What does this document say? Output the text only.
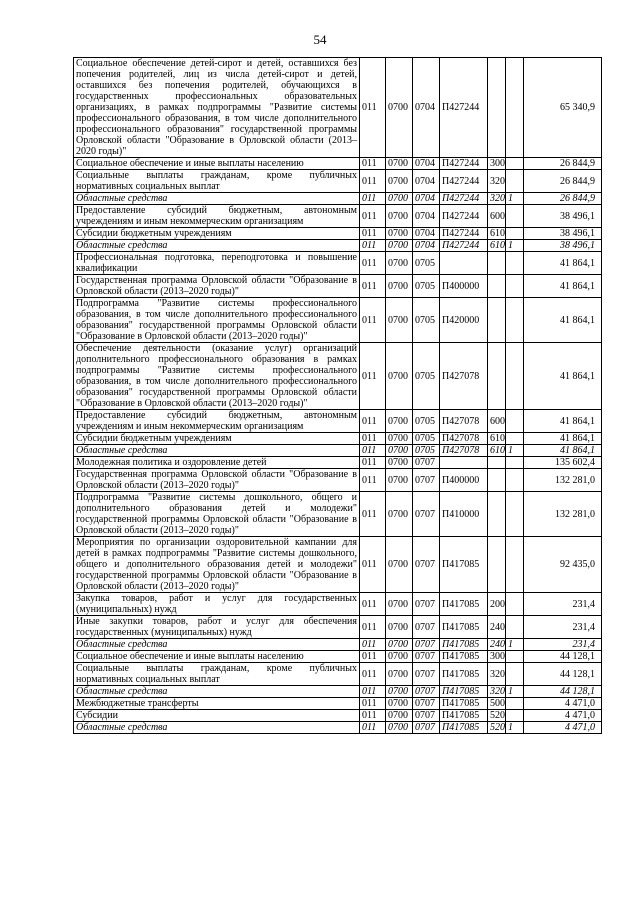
54
Социальное обеспечение детей-сирот и детей, оставшихся без попечения родителей, лиц из числа детей-сирот и детей, оставшихся без попечения родителей, обучающихся в государственных профессиональных образовательных организациях, в рамках подпрограммы "Развитие системы профессионального образования, в том числе дополнительного профессионального образования" государственной программы Орловской области "Образование в Орловской области (2013–2020 годы)"	011	0700	0704	П427244			65 340,9
Социальное обеспечение и иные выплаты населению	011	0700	0704	П427244	300		26 844,9
Социальные выплаты гражданам, кроме публичных нормативных социальных выплат	011	0700	0704	П427244	320		26 844,9
Областные средства	011	0700	0704	П427244	320	1	26 844,9
Предоставление субсидий бюджетным, автономным учреждениям и иным некоммерческим организациям	011	0700	0704	П427244	600		38 496,1
Субсидии бюджетным учреждениям	011	0700	0704	П427244	610		38 496,1
Областные средства	011	0700	0704	П427244	610	1	38 496,1
Профессиональная подготовка, переподготовка и повышение квалификации	011	0700	0705				41 864,1
Государственная программа Орловской области "Образование в Орловской области (2013–2020 годы)"	011	0700	0705	П400000			41 864,1
Подпрограмма "Развитие системы профессионального образования, в том числе дополнительного профессионального образования" государственной программы Орловской области "Образование в Орловской области (2013–2020 годы)"	011	0700	0705	П420000			41 864,1
Обеспечение деятельности (оказание услуг) организаций дополнительного профессионального образования в рамках подпрограммы "Развитие системы профессионального образования, в том числе дополнительного профессионального образования" государственной программы Орловской области "Образование в Орловской области (2013–2020 годы)"	011	0700	0705	П427078			41 864,1
Предоставление субсидий бюджетным, автономным учреждениям и иным некоммерческим организациям	011	0700	0705	П427078	600		41 864,1
Субсидии бюджетным учреждениям	011	0700	0705	П427078	610		41 864,1
Областные средства	011	0700	0705	П427078	610	1	41 864,1
Молодежная политика и оздоровление детей	011	0700	0707				135 602,4
Государственная программа Орловской области "Образование в Орловской области (2013–2020 годы)"	011	0700	0707	П400000			132 281,0
Подпрограмма "Развитие системы дошкольного, общего и дополнительного образования детей и молодежи" государственной программы Орловской области "Образование в Орловской области (2013–2020 годы)"	011	0700	0707	П410000			132 281,0
Мероприятия по организации оздоровительной кампании для детей в рамках подпрограммы "Развитие системы дошкольного, общего и дополнительного образования детей и молодежи" государственной программы Орловской области "Образование в Орловской области (2013–2020 годы)"	011	0700	0707	П417085			92 435,0
Закупка товаров, работ и услуг для государственных (муниципальных) нужд	011	0700	0707	П417085	200		231,4
Иные закупки товаров, работ и услуг для обеспечения государственных (муниципальных) нужд	011	0700	0707	П417085	240		231,4
Областные средства	011	0700	0707	П417085	240	1	231,4
Социальное обеспечение и иные выплаты населению	011	0700	0707	П417085	300		44 128,1
Социальные выплаты гражданам, кроме публичных нормативных социальных выплат	011	0700	0707	П417085	320		44 128,1
Областные средства	011	0700	0707	П417085	320	1	44 128,1
Межбюджетные трансферты	011	0700	0707	П417085	500		4 471,0
Субсидии	011	0700	0707	П417085	520		4 471,0
Областные средства	011	0700	0707	П417085	520	1	4 471,0
